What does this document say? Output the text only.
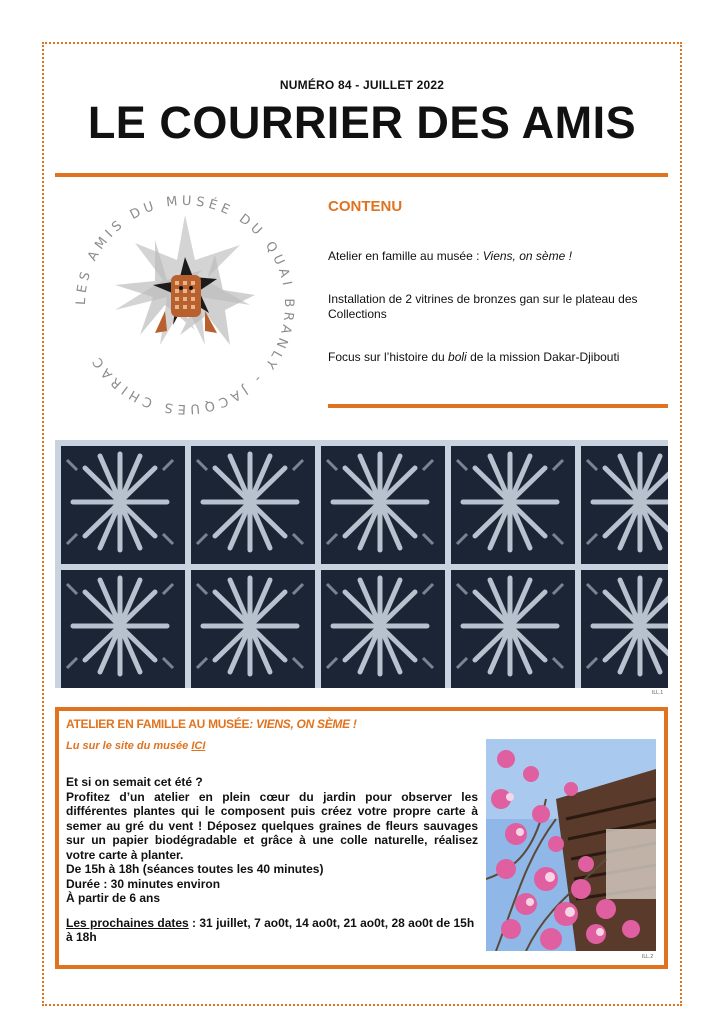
NUMÉRO 84 - JUILLET 2022
LE COURRIER DES AMIS
LES AMIS DU MUSÉE DU QUAI BRANLY - JACQUES CHIRAC
CONTENU
Atelier en famille au musée : Viens, on sème !
Installation de 2 vitrines de bronzes gan sur le plateau des Collections
Focus sur l’histoire du boli de la mission Dakar-Djibouti
ILL.1
ATELIER EN FAMILLE AU MUSÉE: VIENS, ON SÈME !
Lu sur le site du musée ICI

Et si on semait cet été ?

Profitez d’un atelier en plein cœur du jardin pour observer les différentes plantes qui le composent puis créez votre propre carte à semer au gré du vent ! Déposez quelques graines de fleurs sauvages sur un papier biodégradable et grâce à une colle naturelle, réalisez votre carte à planter.

De 15h à 18h (séances toutes les 40 minutes)

Durée : 30 minutes environ

À partir de 6 ans

Les prochaines dates : 31 juillet, 7 ao0t, 14 ao0t, 21 ao0t, 28 ao0t de 15h à 18h

ILL.2
